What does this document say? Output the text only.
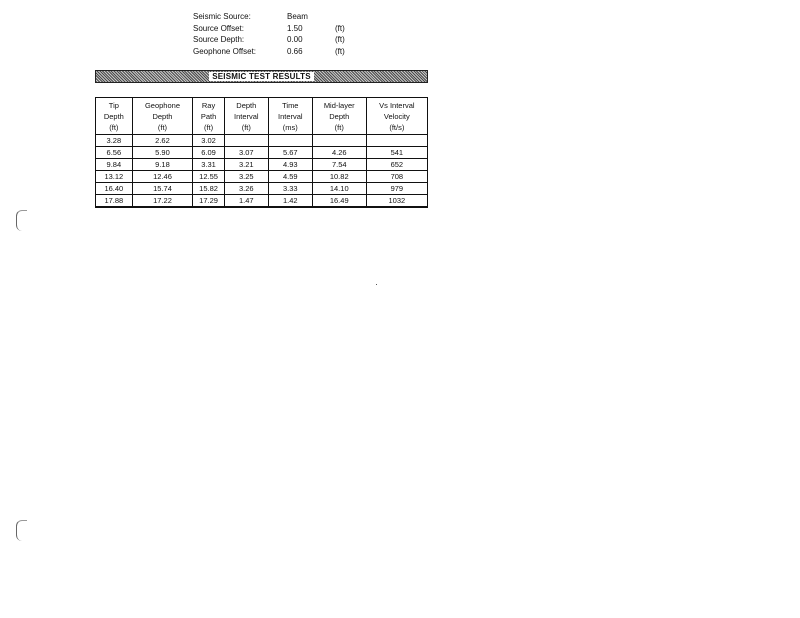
Seismic Source:	Beam
Source Offset:	1.50	(ft)
Source Depth:	0.00	(ft)
Geophone Offset:	0.66	(ft)
SEISMIC TEST RESULTS
Tip
Depth
(ft)	Geophone
Depth
(ft)	Ray
Path
(ft)	Depth
Interval
(ft)	Time
Interval
(ms)	Mid-layer
Depth
(ft)	Vs Interval
Velocity
(ft/s)

3.28	2.62	3.02				
6.56	5.90	6.09	3.07	5.67	4.26	541
9.84	9.18	3.31	3.21	4.93	7.54	652
13.12	12.46	12.55	3.25	4.59	10.82	708
16.40	15.74	15.82	3.26	3.33	14.10	979
17.88	17.22	17.29	1.47	1.42	16.49	1032
